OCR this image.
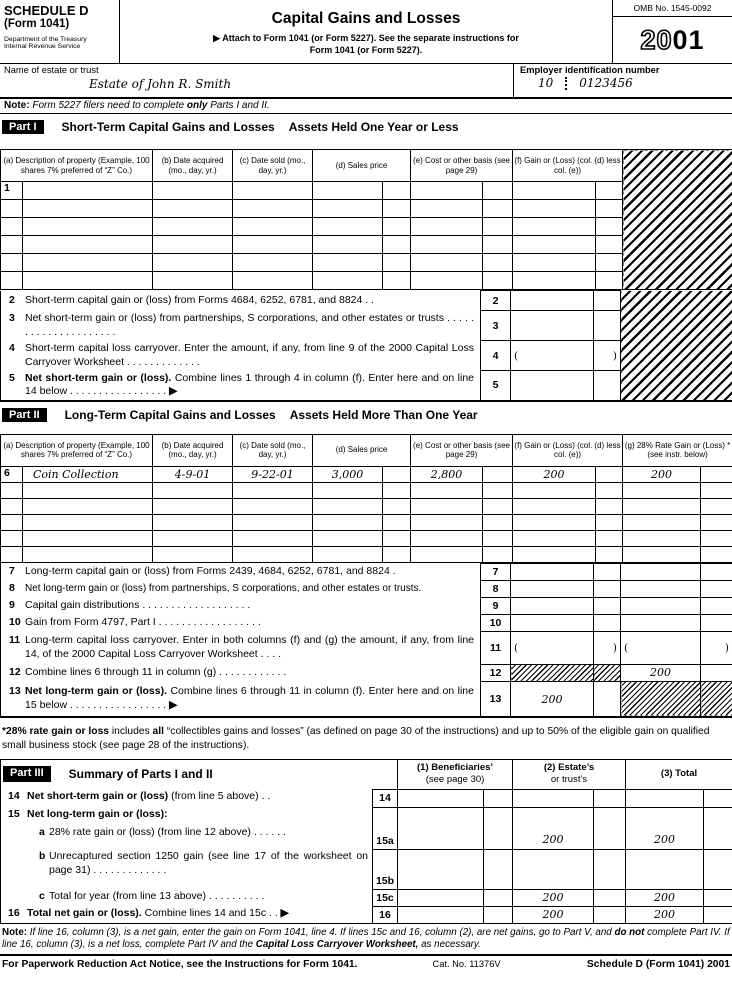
SCHEDULE D
(Form 1041)
Department of the Treasury
Internal Revenue Service
Capital Gains and Losses
▶ Attach to Form 1041 (or Form 5227). See the separate instructions for
Form 1041 (or Form 5227).
OMB No. 1545-0092
20 01
Name of estate or trust
Estate of John R. Smith
Employer identification number
10 0123456
Note: Form 5227 filers need to complete only Parts I and II.
Part I	Short-Term Capital Gains and Losses Assets Held One Year or Less
(a) Description of property (Example, 100 shares 7% preferred of “Z” Co.)		(b) Date acquired (mo., day, yr.)	(c) Date sold (mo., day, yr.)	(d) Sales price		(e) Cost or other basis (see page 29)		(f) Gain or (Loss) (col. (d) less col. (e))		
1										

2 Short-term capital gain or (loss) from Forms 4684, 6252, 6781, and 8824 . .	2			

3 Net short-term gain or (loss) from partnerships, S corporations, and other estates or trusts . . . . . . . . . . . . . . . . . . . . .	3			

4 Short-term capital loss carryover. Enter the amount, if any, from line 9 of the 2000 Capital Loss Carryover Worksheet . . . . . . . . . . . . .	4	(	)	

5 Net short-term gain or (loss). Combine lines 1 through 4 in column (f). Enter here and on line 14 below . . . . . . . . . . . . . . . . . ▶	5			
Part II	Long-Term Capital Gains and Losses Assets Held More Than One Year
(a) Description of property (Example, 100 shares 7% preferred of “Z” Co.)		(b) Date acquired (mo., day, yr.)	(c) Date sold (mo., day, yr.)	(d) Sales price		(e) Cost or other basis (see page 29)		(f) Gain or (Loss) (col. (d) less col. (e))		(g) 28% Rate Gain or (Loss) *(see instr. below)	
6	Coin Collection	4-9-01	9-22-01	3,000		2,800		200		200	

7 Long-term capital gain or (loss) from Forms 2439, 4684, 6252, 6781, and 8824 .	7				

8 Net long-term gain or (loss) from partnerships, S corporations, and other estates or trusts.	8				

9 Capital gain distributions . . . . . . . . . . . . . . . . . . .	9				

10 Gain from Form 4797, Part I . . . . . . . . . . . . . . . . . .	10				

11 Long-term capital loss carryover. Enter in both columns (f) and (g) the amount, if any, from line 14, of the 2000 Capital Loss Carryover Worksheet . . . .	11	(	)	(	)

12 Combine lines 6 through 11 in column (g) . . . . . . . . . . . .	12			200	

13 Net long-term gain or (loss). Combine lines 6 through 11 in column (f). Enter here and on line 15 below . . . . . . . . . . . . . . . . . ▶	13	200			
*28% rate gain or loss includes all “collectibles gains and losses” (as defined on page 30 of the instructions) and up to 50% of the eligible gain on qualified small business stock (see page 28 of the instructions).
Part III Summary of Parts I and II		(1) Beneficiaries’
(see page 30)		(2) Estate’s
or trust’s		(3) Total	

14 Net short-term gain or (loss) (from line 5 above) . .	14						

15 Net long-term gain or (loss):
a 28% rate gain or (loss) (from line 12 above) . . . . . .	15a			200		200	

b Unrecaptured section 1250 gain (see line 17 of the worksheet on page 31) . . . . . . . . . . . . .	15b						

c Total for year (from line 13 above) . . . . . . . . . .	15c			200		200	

16 Total net gain or (loss). Combine lines 14 and 15c . . ▶	16			200		200	
Note: If line 16, column (3), is a net gain, enter the gain on Form 1041, line 4. If lines 15c and 16, column (2), are net gains, go to Part V, and do not complete Part IV. If line 16, column (3), is a net loss, complete Part IV and the Capital Loss Carryover Worksheet, as necessary.
For Paperwork Reduction Act Notice, see the Instructions for Form 1041.	Cat. No. 11376V	Schedule D (Form 1041) 2001
